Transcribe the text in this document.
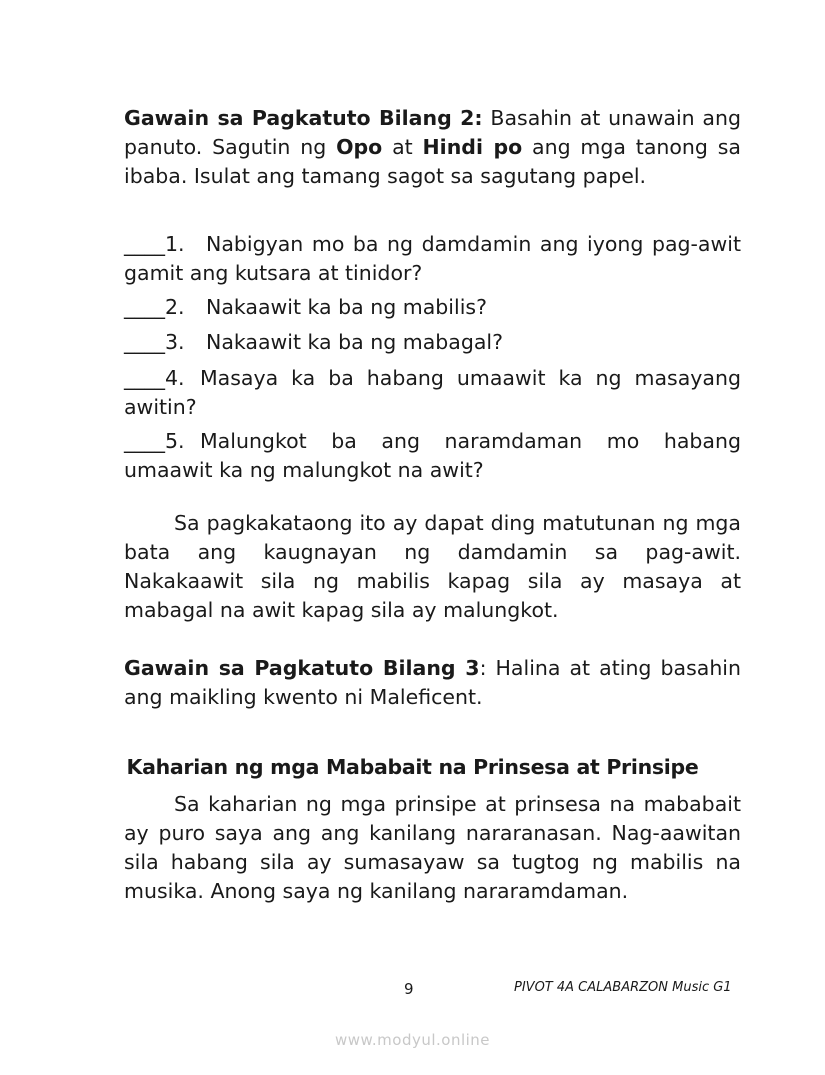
Gawain sa Pagkatuto Bilang 2: Basahin at unawain ang panuto. Sagutin ng Opo at Hindi po ang mga tanong sa ibaba. Isulat ang tamang sagot sa sagutang papel.
Nabigyan mo ba ng damdamin ang iyong pag-awit gamit ang kutsara at tinidor?
____1.
____2. Nakaawit ka ba ng mabilis?
____3. Nakaawit ka ba ng mabagal?
Masaya ka ba habang umaawit ka ng masayang awitin?
____4.
Malungkot ba ang naramdaman mo habang umaawit ka ng malungkot na awit?
____5.
Sa pagkakataong ito ay dapat ding matutunan ng mga bata ang kaugnayan ng damdamin sa pag-awit. Nakakaawit sila ng mabilis kapag sila ay masaya at mabagal na awit kapag sila ay malungkot.
Gawain sa Pagkatuto Bilang 3: Halina at ating basahin ang maikling kwento ni Maleficent.
Kaharian ng mga Mababait na Prinsesa at Prinsipe
Sa kaharian ng mga prinsipe at prinsesa na mababait ay puro saya ang ang kanilang nararanasan. Nag-aawitan sila habang sila ay sumasayaw sa tugtog ng mabilis na musika. Anong saya ng kanilang nararamdaman.
9	PIVOT 4A CALABARZON Music G1
www.modyul.online
